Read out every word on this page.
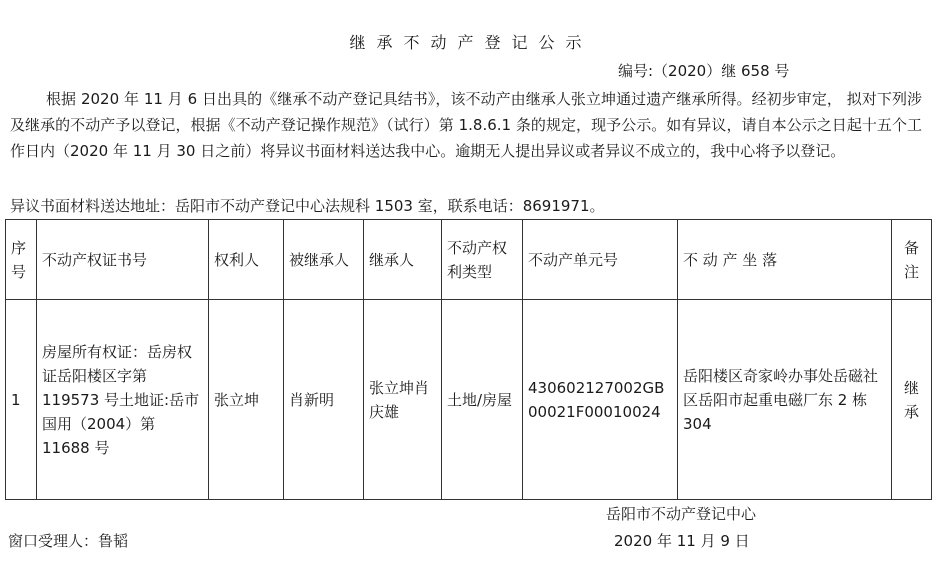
继承不动产登记公示
编号:（2020）继 658 号
根据 2020 年 11 月 6 日出具的《继承不动产登记具结书》，该不动产由继承人张立坤通过遗产继承所得。经初步审定， 拟对下列涉及继承的不动产予以登记，根据《不动产登记操作规范》（试行）第 1.8.6.1 条的规定，现予公示。如有异议，请自本公示之日起十五个工作日内（2020 年 11 月 30 日之前）将异议书面材料送达我中心。逾期无人提出异议或者异议不成立的，我中心将予以登记。
异议书面材料送达地址：岳阳市不动产登记中心法规科 1503 室，联系电话：8691971。
序号	不动产权证书号	权利人	被继承人	继承人	不动产权利类型	不动产单元号	不 动 产 坐 落	备注
1	房屋所有权证：岳房权证岳阳楼区字第 119573 号土地证:岳市国用（2004）第 11688 号	张立坤	肖新明	张立坤肖庆雄	土地/房屋	430602127002GB00021F00010024	岳阳楼区奇家岭办事处岳磁社区岳阳市起重电磁厂东 2 栋 304	继承
岳阳市不动产登记中心
2020 年 11 月 9 日
窗口受理人：鲁韬
